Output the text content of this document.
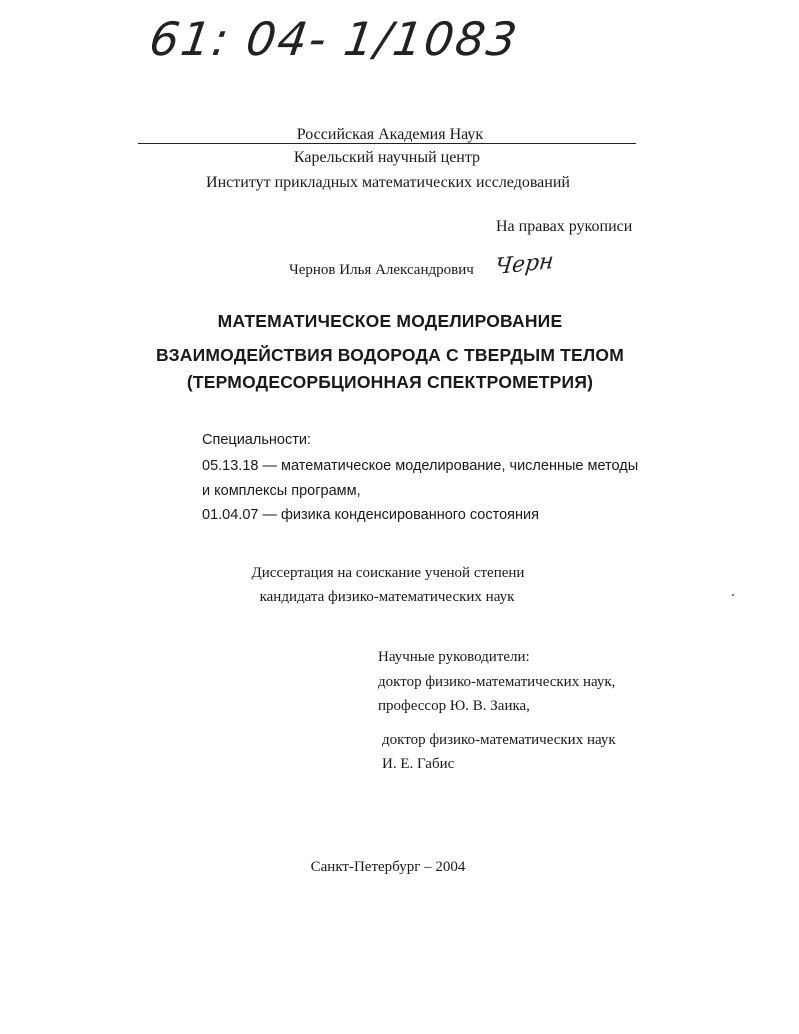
61: 04- 1/1083
Российская Академия Наук
Карельский научный центр
Институт прикладных математических исследований
На правах рукописи
Чернов Илья Александрович Черн
МАТЕМАТИЧЕСКОЕ МОДЕЛИРОВАНИЕ
ВЗАИМОДЕЙСТВИЯ ВОДОРОДА С ТВЕРДЫМ ТЕЛОМ
(ТЕРМОДЕСОРБЦИОННАЯ СПЕКТРОМЕТРИЯ)
Специальности:
05.13.18 — математическое моделирование, численные методы
и комплексы программ,
01.04.07 — физика конденсированного состояния
Диссертация на соискание ученой степени
кандидата физико-математических наук
Научные руководители:
доктор физико-математических наук,
профессор Ю. В. Заика,
доктор физико-математических наук
И. Е. Габис
Санкт-Петербург – 2004
